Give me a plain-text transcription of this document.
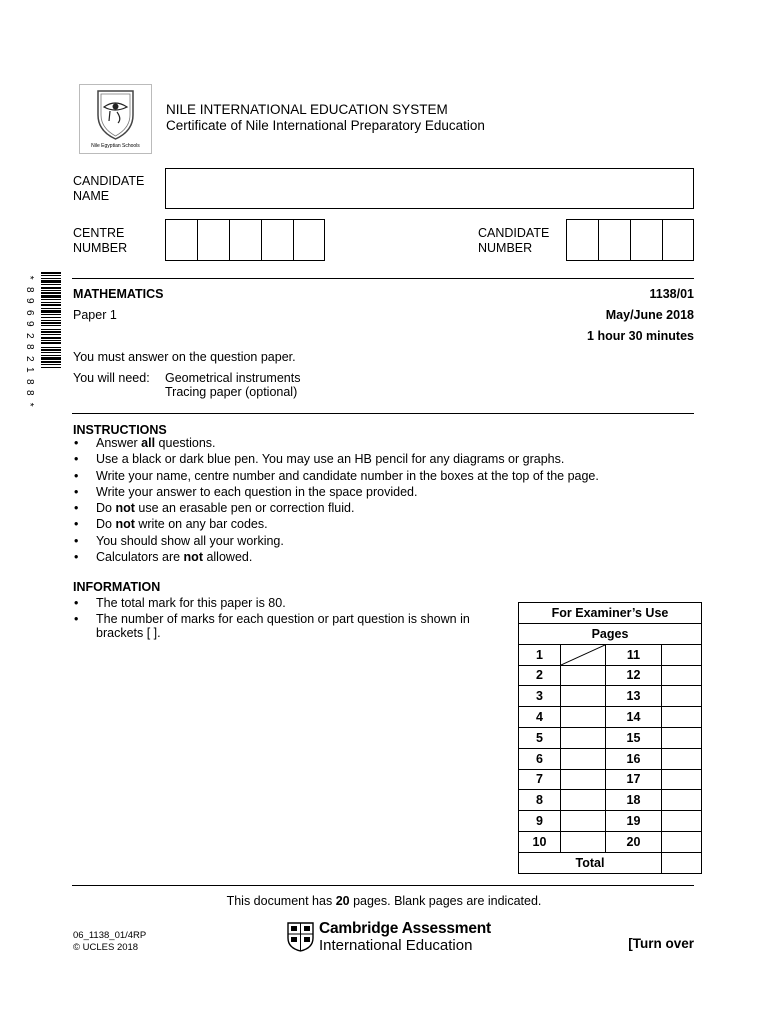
Nile Egyptian Schools
NILE INTERNATIONAL EDUCATION SYSTEM
Certificate of Nile International Preparatory Education
CANDIDATE
NAME
CENTRE
NUMBER
CANDIDATE
NUMBER
*
8
9
6
9
2
8
2
1
8
8
*
MATHEMATICS	1138/01
Paper 1	May/June 2018
1 hour 30 minutes
You must answer on the question paper.
You will need: Geometrical instruments
Tracing paper (optional)
INSTRUCTIONS
• Answer all questions.
• Use a black or dark blue pen. You may use an HB pencil for any diagrams or graphs.
• Write your name, centre number and candidate number in the boxes at the top of the page.
• Write your answer to each question in the space provided.
• Do not use an erasable pen or correction fluid.
• Do not write on any bar codes.
• You should show all your working.
• Calculators are not allowed.
INFORMATION
• The total mark for this paper is 80.
• The number of marks for each question or part question is shown in
brackets [ ].
For Examiner’s Use			
Pages			
1		11	
2		12	
3		13	
4		14	
5		15	
6		16	
7		17	
8		18	
9		19	
10		20	
Total			
This document has 20 pages. Blank pages are indicated.
06_1138_01/4RP
© UCLES 2018
Cambridge Assessment
International Education	[Turn over
